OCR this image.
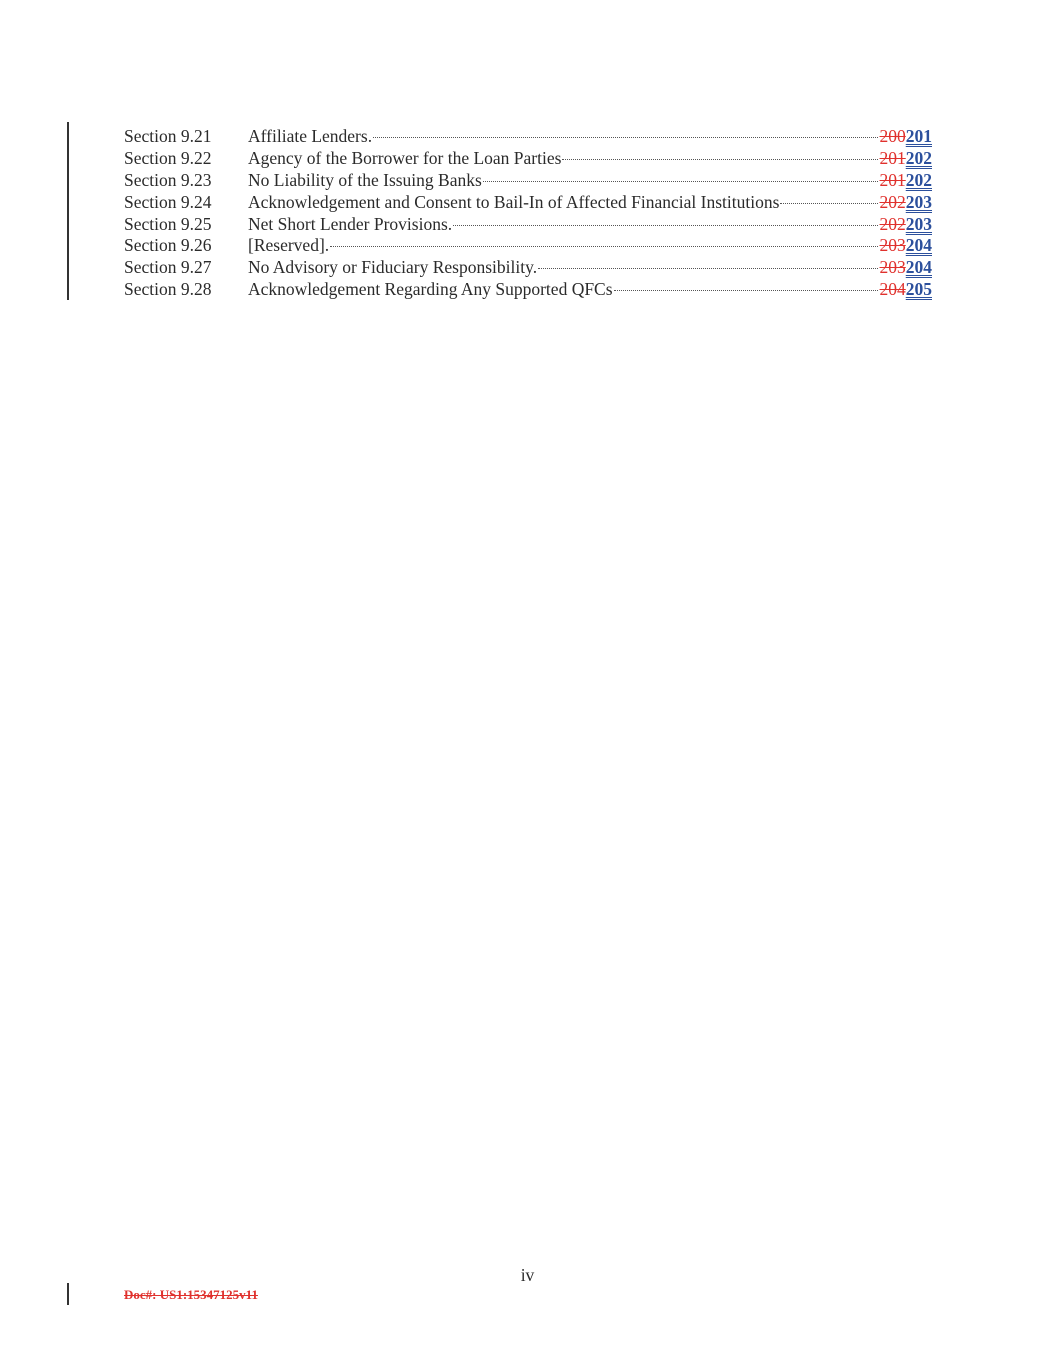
Section 9.21	Affiliate Lenders.	200201
Section 9.22	Agency of the Borrower for the Loan Parties	201202
Section 9.23	No Liability of the Issuing Banks	201202
Section 9.24	Acknowledgement and Consent to Bail-In of Affected Financial Institutions	202203
Section 9.25	Net Short Lender Provisions.	202203
Section 9.26	[Reserved].	203204
Section 9.27	No Advisory or Fiduciary Responsibility.	203204
Section 9.28	Acknowledgement Regarding Any Supported QFCs	204205
iv
Doc#: US1:15347125v11
